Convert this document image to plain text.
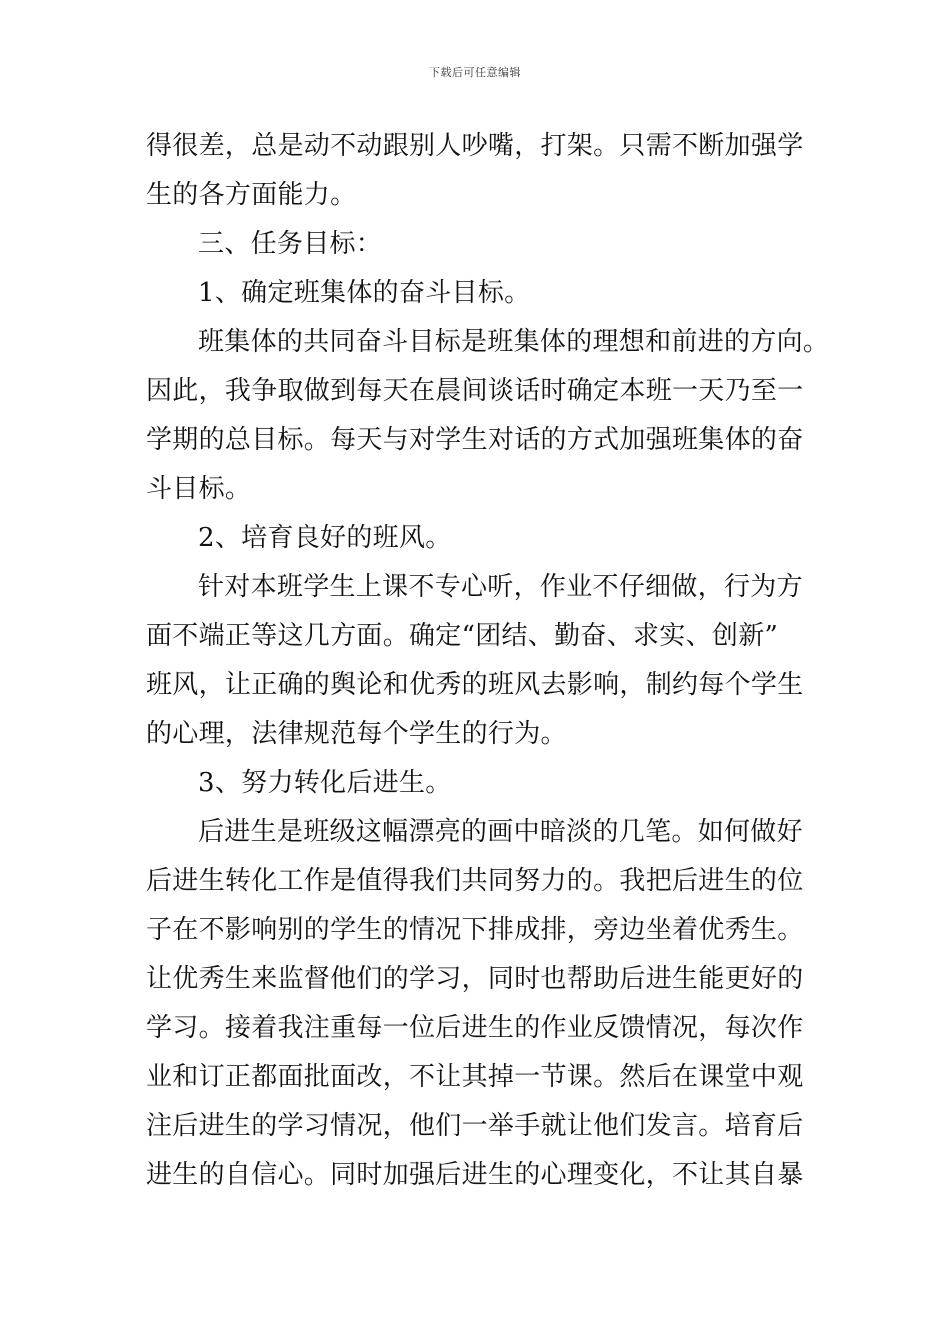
下载后可任意编辑
得很差，总是动不动跟别人吵嘴，打架。只需不断加强学
生的各方面能力。
三、任务目标：
1、确定班集体的奋斗目标。
班集体的共同奋斗目标是班集体的理想和前进的方向。
因此，我争取做到每天在晨间谈话时确定本班一天乃至一
学期的总目标。每天与对学生对话的方式加强班集体的奋
斗目标。
2、培育良好的班风。
针对本班学生上课不专心听，作业不仔细做，行为方
面不端正等这几方面。确定“团结、勤奋、求实、创新”
班风，让正确的舆论和优秀的班风去影响，制约每个学生
的心理，法律规范每个学生的行为。
3、努力转化后进生。
后进生是班级这幅漂亮的画中暗淡的几笔。如何做好
后进生转化工作是值得我们共同努力的。我把后进生的位
子在不影响别的学生的情况下排成排，旁边坐着优秀生。
让优秀生来监督他们的学习，同时也帮助后进生能更好的
学习。接着我注重每一位后进生的作业反馈情况，每次作
业和订正都面批面改，不让其掉一节课。然后在课堂中观
注后进生的学习情况，他们一举手就让他们发言。培育后
进生的自信心。同时加强后进生的心理变化，不让其自暴
